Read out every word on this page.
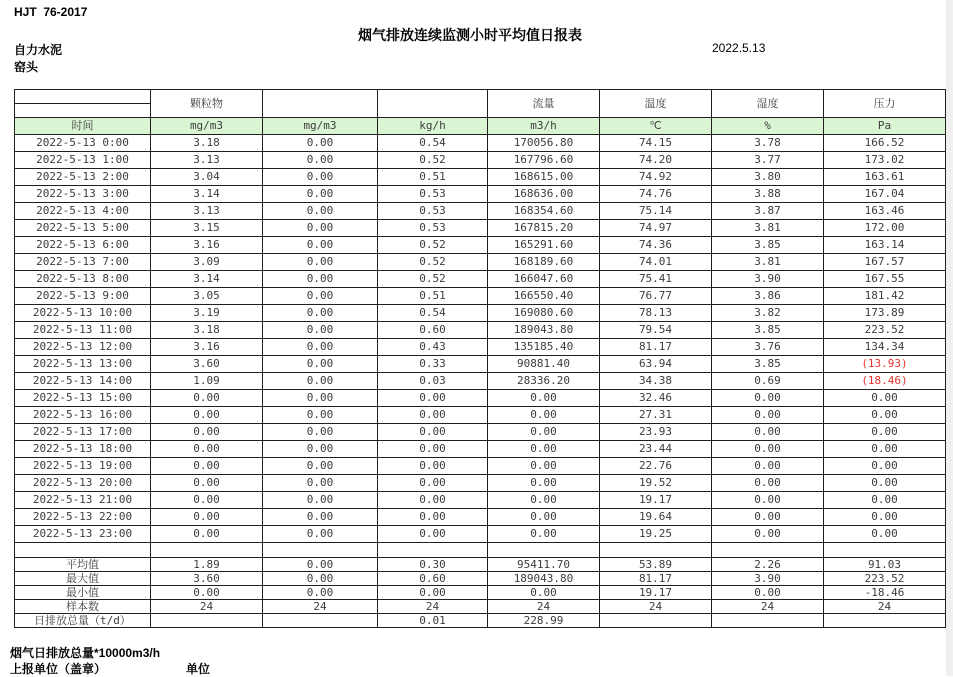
HJT  76-2017
烟气排放连续监测小时平均值日报表
自力水泥
窑头
2022.5.13
	颗粒物			流量	温度	湿度	压力

时间	mg/m3	mg/m3	kg/h	m3/h	℃	%	Pa
2022-5-13 0:00	3.18	0.00	0.54	170056.80	74.15	3.78	166.52
2022-5-13 1:00	3.13	0.00	0.52	167796.60	74.20	3.77	173.02
2022-5-13 2:00	3.04	0.00	0.51	168615.00	74.92	3.80	163.61
2022-5-13 3:00	3.14	0.00	0.53	168636.00	74.76	3.88	167.04
2022-5-13 4:00	3.13	0.00	0.53	168354.60	75.14	3.87	163.46
2022-5-13 5:00	3.15	0.00	0.53	167815.20	74.97	3.81	172.00
2022-5-13 6:00	3.16	0.00	0.52	165291.60	74.36	3.85	163.14
2022-5-13 7:00	3.09	0.00	0.52	168189.60	74.01	3.81	167.57
2022-5-13 8:00	3.14	0.00	0.52	166047.60	75.41	3.90	167.55
2022-5-13 9:00	3.05	0.00	0.51	166550.40	76.77	3.86	181.42
2022-5-13 10:00	3.19	0.00	0.54	169080.60	78.13	3.82	173.89
2022-5-13 11:00	3.18	0.00	0.60	189043.80	79.54	3.85	223.52
2022-5-13 12:00	3.16	0.00	0.43	135185.40	81.17	3.76	134.34
2022-5-13 13:00	3.60	0.00	0.33	90881.40	63.94	3.85	(13.93)
2022-5-13 14:00	1.09	0.00	0.03	28336.20	34.38	0.69	(18.46)
2022-5-13 15:00	0.00	0.00	0.00	0.00	32.46	0.00	0.00
2022-5-13 16:00	0.00	0.00	0.00	0.00	27.31	0.00	0.00
2022-5-13 17:00	0.00	0.00	0.00	0.00	23.93	0.00	0.00
2022-5-13 18:00	0.00	0.00	0.00	0.00	23.44	0.00	0.00
2022-5-13 19:00	0.00	0.00	0.00	0.00	22.76	0.00	0.00
2022-5-13 20:00	0.00	0.00	0.00	0.00	19.52	0.00	0.00
2022-5-13 21:00	0.00	0.00	0.00	0.00	19.17	0.00	0.00
2022-5-13 22:00	0.00	0.00	0.00	0.00	19.64	0.00	0.00
2022-5-13 23:00	0.00	0.00	0.00	0.00	19.25	0.00	0.00

平均值	1.89	0.00	0.30	95411.70	53.89	2.26	91.03
最大值	3.60	0.00	0.60	189043.80	81.17	3.90	223.52
最小值	0.00	0.00	0.00	0.00	19.17	0.00	-18.46
样本数	24	24	24	24	24	24	24
日排放总量（t/d）			0.01	228.99			
烟气日排放总量*10000m3/h
上报单位（盖章）	单位
